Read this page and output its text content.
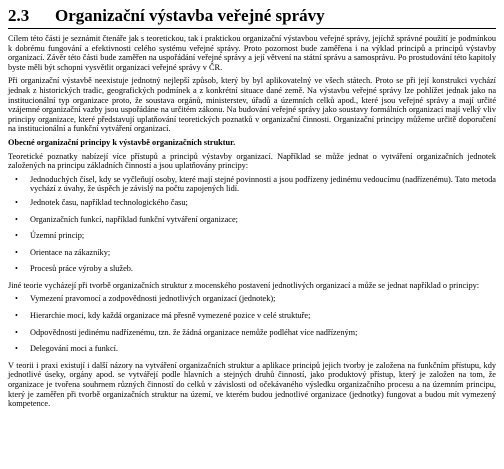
2.3	Organizační výstavba veřejné správy

Cílem této části je seznámit čtenáře jak s teoretickou, tak i praktickou organizační výstavbou veřejné správy, jejíchž správné použití je podmínkou k dobrému fungování a efektivnosti celého systému veřejné správy. Proto pozornost bude zaměřena i na výklad principů a principů výstavby organizací. Závěr této části bude zaměřen na uspořádání veřejné správy a její větvení na státní správu a samosprávu. Po prostudování této kapitoly byste měli být schopni vysvětlit organizaci veřejné správy v ČR.

Při organizační výstavbě neexistuje jednotný nejlepší způsob, který by byl aplikovatelný ve všech státech. Proto se při její konstrukci vychází jednak z historických tradic, geografických podmínek a z konkrétní situace dané země. Na výstavbu veřejné správy lze pohlížet jednak jako na institucionální typ organizace proto, že soustava orgánů, ministerstev, úřadů a územních celků apod., které jsou veřejné správy a mají určité vzájemné organizační vazby jsou uspořádáne na určitém zákonu. Na budování veřejné správy jako soustavy formálních organizací mají velký vliv principy organizace, které představují uplatňování teoretických poznatků v organizační činnosti. Organizační principy můžeme určitě doporučení na institucionální a funkční vytváření organizací.

Obecné organizační principy k výstavbě organizačních struktur.

Teoretické poznatky nabízejí více přístupů a principů výstavby organizací. Například se může jednat o vytváření organizačních jednotek založených na principu základních činností a jsou uplatňovány principy:

• Jednoduchých čísel, kdy se vyčleňují osoby, které mají stejné povinnosti a jsou podřízeny jedinému vedoucímu (nadřízenému). Tato metoda vychází z úvahy, že úspěch je závislý na počtu zapojených lidí.
• Jednotek času, například technologického času;
• Organizačních funkcí, například funkční vytváření organizace;
• Územní princip;
• Orientace na zákazníky;
• Procesů práce výroby a služeb.

Jiné teorie vycházejí při tvorbě organizačních struktur z mocenského postavení jednotlivých organizací a může se jednat například o principy:

• Vymezení pravomocí a zodpovědnosti jednotlivých organizací (jednotek);
• Hierarchie moci, kdy každá organizace má přesně vymezené pozice v celé struktuře;
• Odpovědnosti jedinému nadřízenému, tzn. že žádná organizace nemůže podléhat více nadřízeným;
• Delegování moci a funkcí.

V teorii i praxi existují i další názory na vytváření organizačních struktur a aplikace principů jejich tvorby je založena na funkčním přístupu, kdy jednotlivé úseky, orgány apod. se vytvářejí podle hlavních a stejných druhů činností, jako produktový přístup, který je založen na tom, že organizace je tvořena souhrnem různých činností do celků v závislosti od očekávaného výsledku organizačního procesu a na územním principu, který je zaměřen při tvorbě organizačních struktur na území, ve kterém budou jednotlivé organizace (jednotky) fungovat a budou mít vymezený kompetence.
